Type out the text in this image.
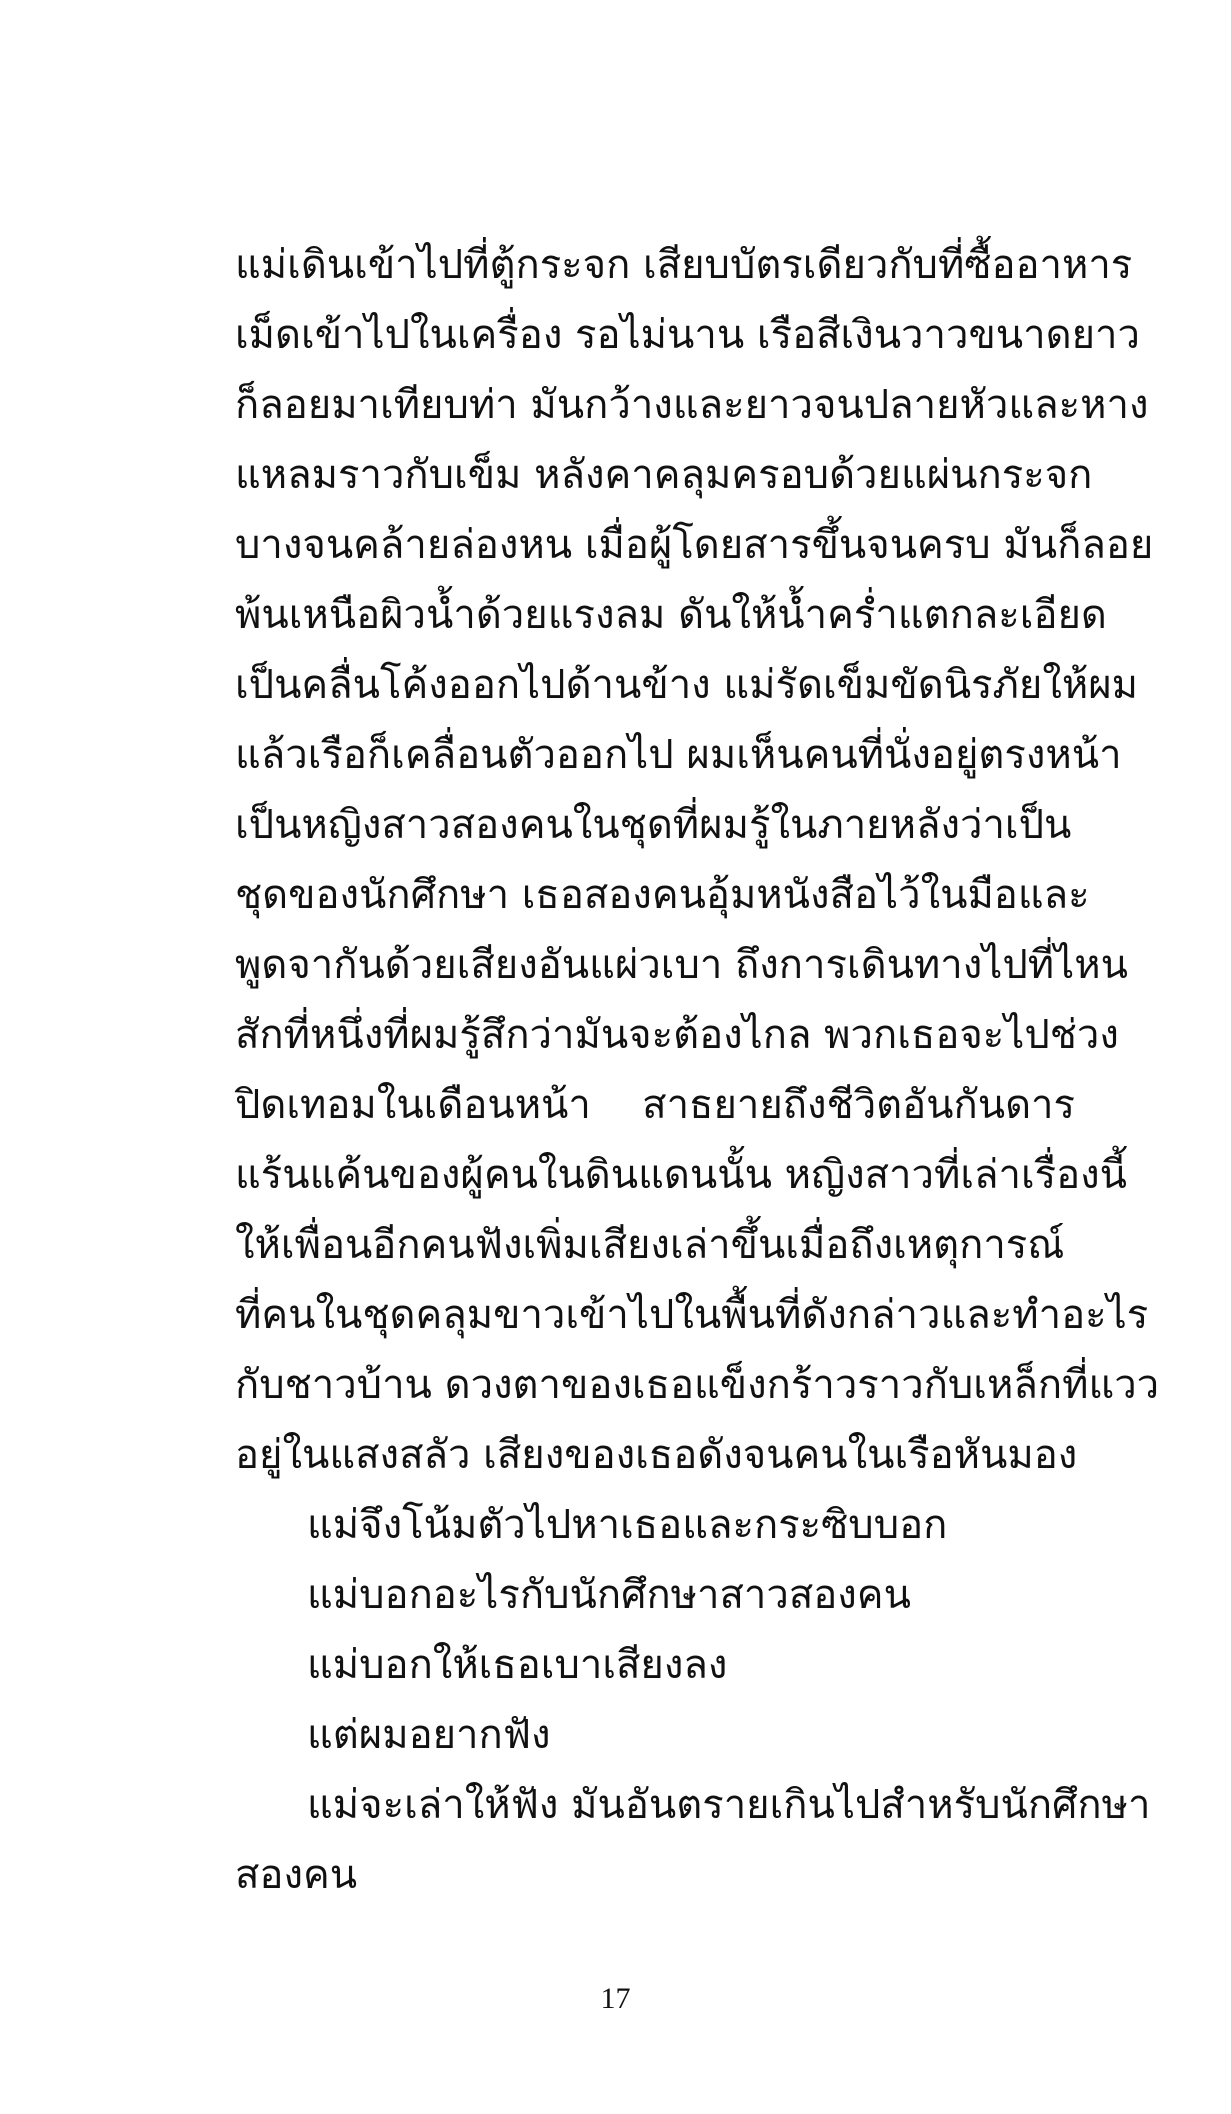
แม่เดินเข้าไปที่ตู้กระจก เสียบบัตรเดียวกับที่ซื้ออาหาร
เม็ดเข้าไปในเครื่อง รอไม่นาน เรือสีเงินวาวขนาดยาว
ก็ลอยมาเทียบท่า มันกว้างและยาวจนปลายหัวและหาง
แหลมราวกับเข็ม หลังคาคลุมครอบด้วยแผ่นกระจก
บางจนคล้ายล่องหน เมื่อผู้โดยสารขึ้นจนครบ มันก็ลอย
พ้นเหนือผิวน้ำด้วยแรงลม ดันให้น้ำคร่ำแตกละเอียด
เป็นคลื่นโค้งออกไปด้านข้าง แม่รัดเข็มขัดนิรภัยให้ผม
แล้วเรือก็เคลื่อนตัวออกไป ผมเห็นคนที่นั่งอยู่ตรงหน้า
เป็นหญิงสาวสองคนในชุดที่ผมรู้ในภายหลังว่าเป็น
ชุดของนักศึกษา เธอสองคนอุ้มหนังสือไว้ในมือและ
พูดจากันด้วยเสียงอันแผ่วเบา ถึงการเดินทางไปที่ไหน
สักที่หนึ่งที่ผมรู้สึกว่ามันจะต้องไกล พวกเธอจะไปช่วง
ปิดเทอมในเดือนหน้า สาธยายถึงชีวิตอันกันดาร
แร้นแค้นของผู้คนในดินแดนนั้น หญิงสาวที่เล่าเรื่องนี้
ให้เพื่อนอีกคนฟังเพิ่มเสียงเล่าขึ้นเมื่อถึงเหตุการณ์
ที่คนในชุดคลุมขาวเข้าไปในพื้นที่ดังกล่าวและทำอะไร
กับชาวบ้าน ดวงตาของเธอแข็งกร้าวราวกับเหล็กที่แวว
อยู่ในแสงสลัว เสียงของเธอดังจนคนในเรือหันมอง
แม่จึงโน้มตัวไปหาเธอและกระซิบบอก
แม่บอกอะไรกับนักศึกษาสาวสองคน
แม่บอกให้เธอเบาเสียงลง
แต่ผมอยากฟัง
แม่จะเล่าให้ฟัง มันอันตรายเกินไปสำหรับนักศึกษา
สองคน
17
